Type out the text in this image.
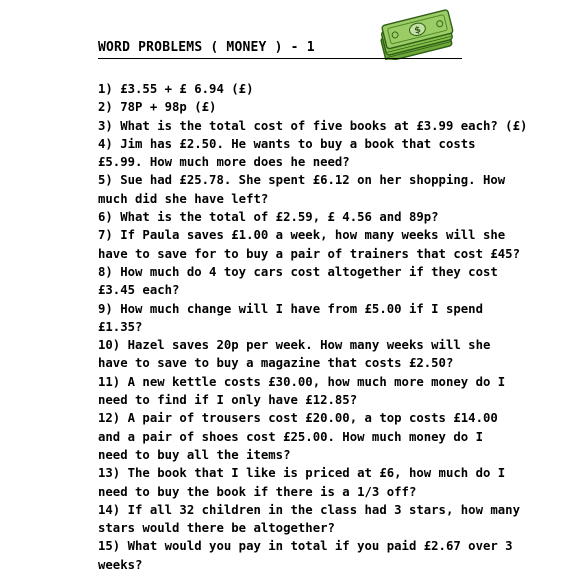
$
WORD PROBLEMS ( MONEY ) - 1
1) £3.55 + £ 6.94 (£)
2) 78P + 98p (£)
3) What is the total cost of five books at £3.99 each? (£)
4) Jim has £2.50. He wants to buy a book that costs
£5.99. How much more does he need?
5) Sue had £25.78. She spent £6.12 on her shopping. How
much did she have left?
6) What is the total of £2.59, £ 4.56 and 89p?
7) If Paula saves £1.00 a week, how many weeks will she
have to save for to buy a pair of trainers that cost £45?
8) How much do 4 toy cars cost altogether if they cost
£3.45 each?
9) How much change will I have from £5.00 if I spend
£1.35?
10) Hazel saves 20p per week. How many weeks will she
have to save to buy a magazine that costs £2.50?
11) A new kettle costs £30.00, how much more money do I
need to find if I only have £12.85?
12) A pair of trousers cost £20.00, a top costs £14.00
and a pair of shoes cost £25.00. How much money do I
need to buy all the items?
13) The book that I like is priced at £6, how much do I
need to buy the book if there is a 1/3 off?
14) If all 32 children in the class had 3 stars, how many
stars would there be altogether?
15) What would you pay in total if you paid £2.67 over 3
weeks?
